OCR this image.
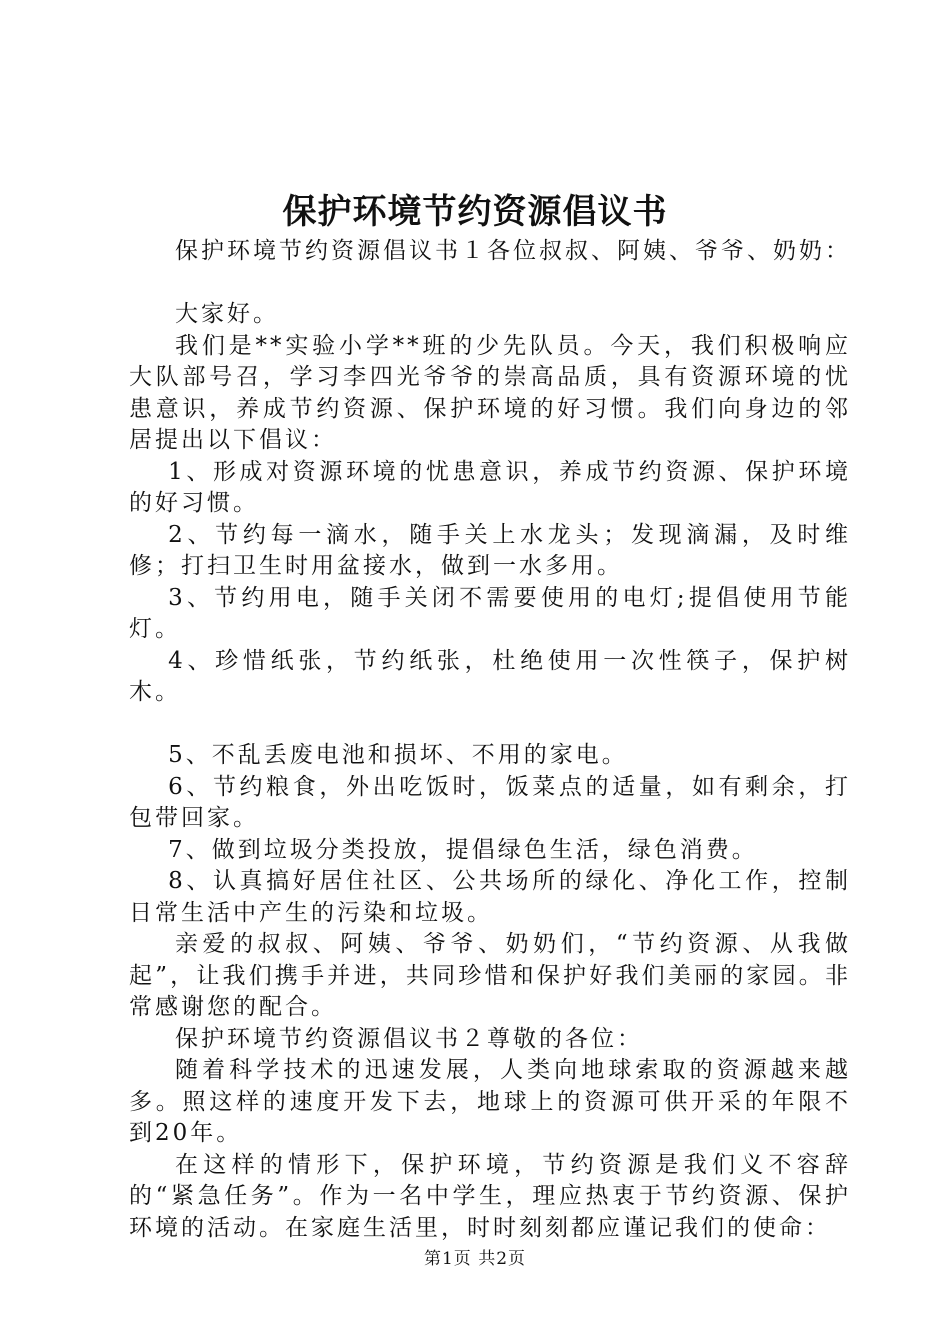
保护环境节约资源倡议书

保护环境节约资源倡议书１各位叔叔、阿姨、爷爷、奶奶：

大家好。

我们是**实验小学**班的少先队员。今天，我们积极响应大队部号召，学习李四光爷爷的崇高品质，具有资源环境的忧患意识，养成节约资源、保护环境的好习惯。我们向身边的邻居提出以下倡议：

1、形成对资源环境的忧患意识，养成节约资源、保护环境的好习惯。

2、节约每一滴水，随手关上水龙头；发现滴漏，及时维修；打扫卫生时用盆接水，做到一水多用。

3、节约用电，随手关闭不需要使用的电灯;提倡使用节能灯。

4、珍惜纸张，节约纸张，杜绝使用一次性筷子，保护树木。

5、不乱丢废电池和损坏、不用的家电。

6、节约粮食，外出吃饭时，饭菜点的适量，如有剩余，打包带回家。

7、做到垃圾分类投放，提倡绿色生活，绿色消费。

8、认真搞好居住社区、公共场所的绿化、净化工作，控制日常生活中产生的污染和垃圾。

亲爱的叔叔、阿姨、爷爷、奶奶们，“节约资源、从我做起”，让我们携手并进，共同珍惜和保护好我们美丽的家园。非常感谢您的配合。

保护环境节约资源倡议书２尊敬的各位：

随着科学技术的迅速发展，人类向地球索取的资源越来越多。照这样的速度开发下去，地球上的资源可供开采的年限不到20年。

在这样的情形下，保护环境，节约资源是我们义不容辞的“紧急任务”。作为一名中学生，理应热衷于节约资源、保护环境的活动。在家庭生活里，时时刻刻都应谨记我们的使命：

第1页 共2页
